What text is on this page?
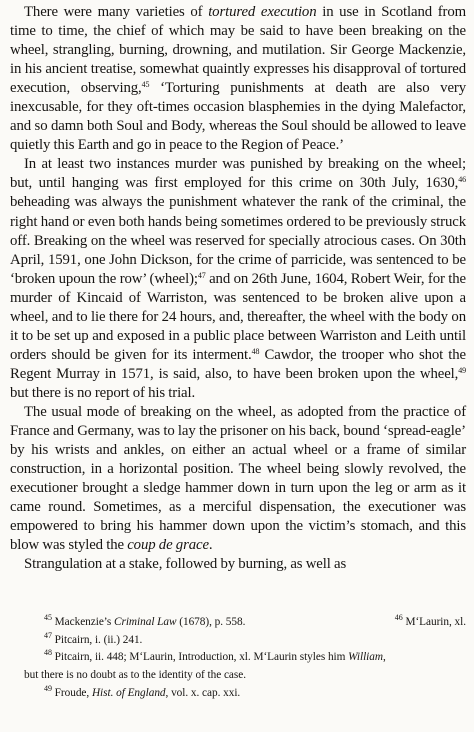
There were many varieties of tortured execution in use in Scotland from time to time, the chief of which may be said to have been breaking on the wheel, strangling, burning, drowning, and mutilation. Sir George Mackenzie, in his ancient treatise, somewhat quaintly expresses his disapproval of tortured execution, observing,$^{45}$ ‘Torturing punishments at death are also very inexcusable, for they oft-times occasion blasphemies in the dying Malefactor, and so damn both Soul and Body, whereas the Soul should be allowed to leave quietly this Earth and go in peace to the Region of Peace.’

In at least two instances murder was punished by breaking on the wheel; but, until hanging was first employed for this crime on 30th July, 1630,46 beheading was always the punishment whatever the rank of the criminal, the right hand or even both hands being sometimes ordered to be previously struck off. Breaking on the wheel was reserved for specially atrocious cases. On 30th April, 1591, one John Dickson, for the crime of parricide, was sentenced to be ‘broken upoun the row’ (wheel);$^{47}$ and on 26th June, 1604, Robert Weir, for the murder of Kincaid of Warriston, was sentenced to be broken alive upon a wheel, and to lie there for 24 hours, and, thereafter, the wheel with the body on it to be set up and exposed in a public place between Warriston and Leith until orders should be given for its interment.$^{48}$ Cawdor, the trooper who shot the Regent Murray in 1571, is said, also, to have been broken upon the wheel,$^{49}$ but there is no report of his trial.

The usual mode of breaking on the wheel, as adopted from the practice of France and Germany, was to lay the prisoner on his back, bound ‘spread-eagle’ by his wrists and ankles, on either an actual wheel or a frame of similar construction, in a horizontal position. The wheel being slowly revolved, the executioner brought a sledge hammer down in turn upon the leg or arm as it came round. Sometimes, as a merciful dispensation, the executioner was empowered to bring his hammer down upon the victim’s stomach, and this blow was styled the coup de grace.

Strangulation at a stake, followed by burning, as well as

$^{45}$ Mackenzie’s Criminal Law (1678), p. 558.	$^{46}$ M‘Laurin, xl.
$^{47}$ Pitcairn, i. (ii.) 241.
$^{48}$ Pitcairn, ii. 448; M‘Laurin, Introduction, xl. M‘Laurin styles him William,
but there is no doubt as to the identity of the case.
$^{49}$ Froude, Hist. of England, vol. x. cap. xxi.
